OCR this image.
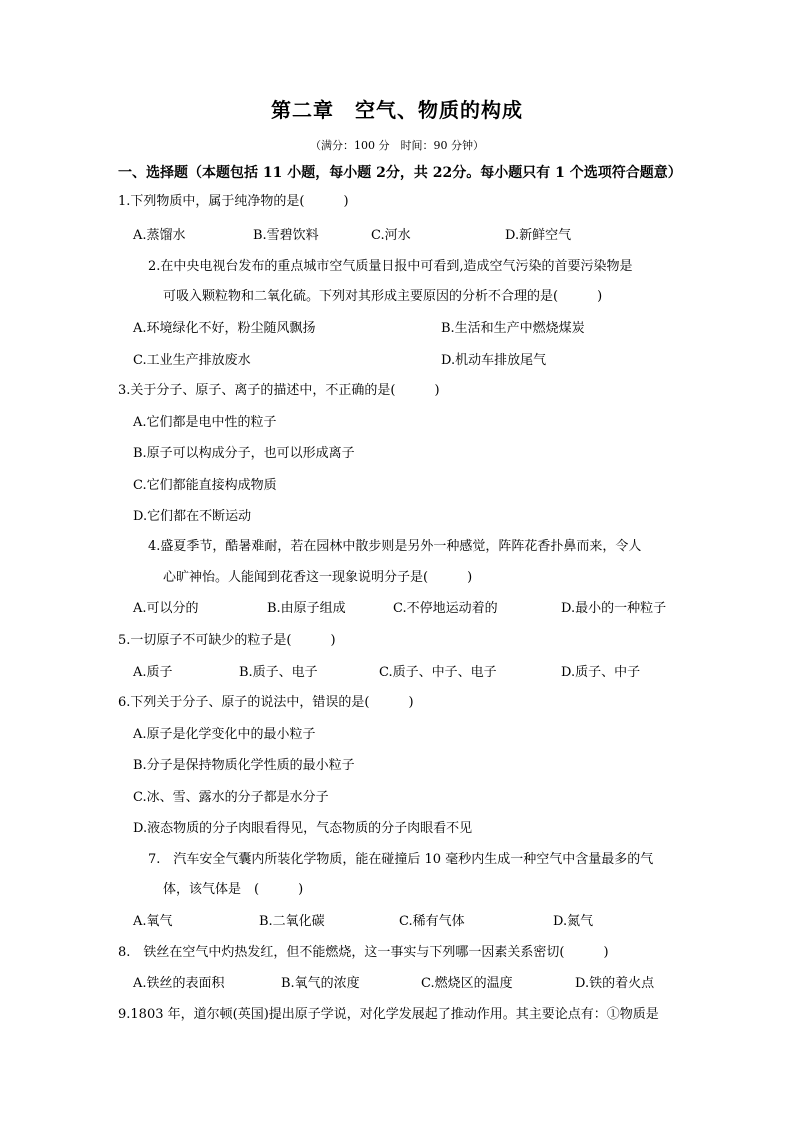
第二章　空气、物质的构成
（满分：100 分　时间：90 分钟）
一、选择题（本题包括 11 小题，每小题 2分，共 22分。每小题只有 1 个选项符合题意）
1.下列物质中，属于纯净物的是(　　　)
A.蒸馏水	B.雪碧饮料	C.河水	D.新鲜空气
2.在中央电视台发布的重点城市空气质量日报中可看到,造成空气污染的首要污染物是
可吸入颗粒物和二氧化硫。下列对其形成主要原因的分析不合理的是(　　　)
A.环境绿化不好，粉尘随风飘扬	B.生活和生产中燃烧煤炭
C.工业生产排放废水	D.机动车排放尾气
3.关于分子、原子、离子的描述中，不正确的是(　　　)
A.它们都是电中性的粒子
B.原子可以构成分子，也可以形成离子
C.它们都能直接构成物质
D.它们都在不断运动
4.盛夏季节，酷暑难耐，若在园林中散步则是另外一种感觉，阵阵花香扑鼻而来，令人
心旷神怡。人能闻到花香这一现象说明分子是(　　　)
A.可以分的	B.由原子组成	C.不停地运动着的	D.最小的一种粒子
5.一切原子不可缺少的粒子是(　　　)
A.质子	B.质子、电子	C.质子、中子、电子	D.质子、中子
6.下列关于分子、原子的说法中，错误的是(　　　)
A.原子是化学变化中的最小粒子
B.分子是保持物质化学性质的最小粒子
C.冰、雪、露水的分子都是水分子
D.液态物质的分子肉眼看得见，气态物质的分子肉眼看不见
7.　汽车安全气囊内所装化学物质，能在碰撞后 10 毫秒内生成一种空气中含量最多的气
体，该气体是　(　　　)
A.氧气	B.二氧化碳	C.稀有气体	D.氮气
8.　铁丝在空气中灼热发红，但不能燃烧，这一事实与下列哪一因素关系密切(　　　)
A.铁丝的表面积	B.氧气的浓度	C.燃烧区的温度	D.铁的着火点
9.1803 年，道尔顿(英国)提出原子学说，对化学发展起了推动作用。其主要论点有：①物质是
